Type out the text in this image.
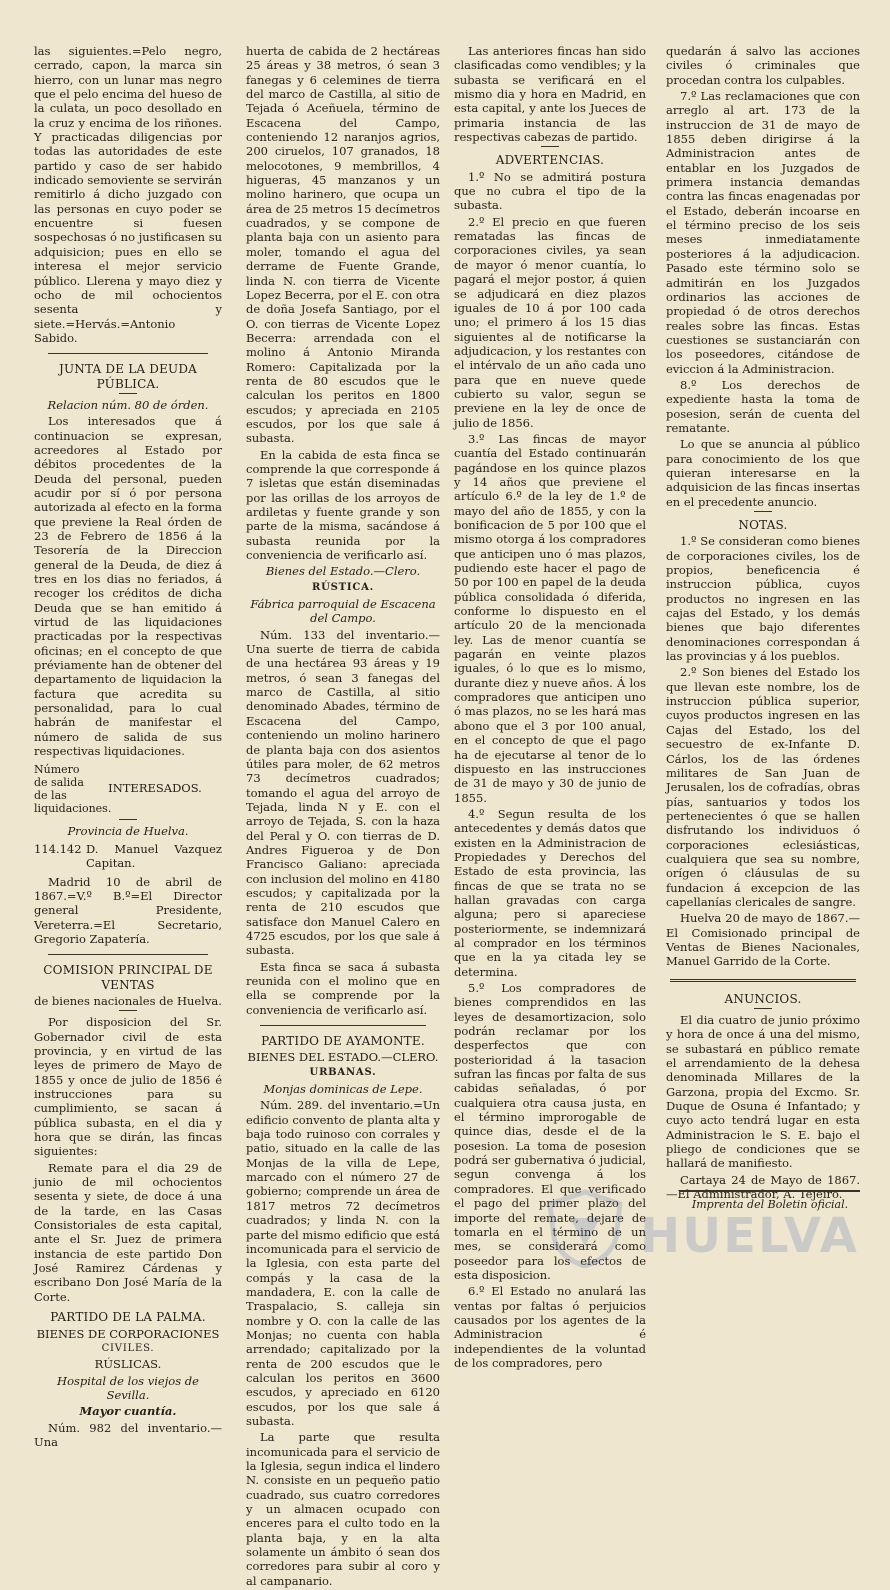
las siguientes.=Pelo negro, cerrado, capon, la marca sin hierro, con un lunar mas negro que el pelo encima del hueso de la culata, un poco desollado en la cruz y encima de los riñones. Y practicadas diligencias por todas las autoridades de este partido y caso de ser habido indicado semoviente se servirán remitirlo á dicho juzgado con las personas en cuyo poder se encuentre si fuesen sospechosas ó no justificasen su adquisicion; pues en ello se interesa el mejor servicio público. Llerena y mayo diez y ocho de mil ochocientos sesenta y siete.=Hervás.=Antonio Sabido.

JUNTA DE LA DEUDA PÚBLICA.
Relacion núm. 80 de órden.

Los interesados que á continuacion se expresan, acreedores al Estado por débitos procedentes de la Deuda del personal, pueden acudir por sí ó por persona autorizada al efecto en la forma que previene la Real órden de 23 de Febrero de 1856 á la Tesorería de la Direccion general de la Deuda, de diez á tres en los dias no feriados, á recoger los créditos de dicha Deuda que se han emitido á virtud de las liquidaciones practicadas por la respectivas oficinas; en el concepto de que préviamente han de obtener del departamento de liquidacion la factura que acredita su personalidad, para lo cual habrán de manifestar el número de salida de sus respectivas liquidaciones.

Número de salida de las liquidaciones.
INTERESADOS.
Provincia de Huelva.
114.142 D. Manuel Vazquez Capitan.

Madrid 10 de abril de 1867.=V.º B.º=El Director general Presidente, Vereterra.=El Secretario, Gregorio Zapatería.

COMISION PRINCIPAL DE VENTAS
de bienes nacionales de Huelva.

Por disposicion del Sr. Gobernador civil de esta provincia, y en virtud de las leyes de primero de Mayo de 1855 y once de julio de 1856 é instrucciones para su cumplimiento, se sacan á pública subasta, en el dia y hora que se dirán, las fincas siguientes:

Remate para el dia 29 de junio de mil ochocientos sesenta y siete, de doce á una de la tarde, en las Casas Consistoriales de esta capital, ante el Sr. Juez de primera instancia de este partido Don José Ramirez Cárdenas y escribano Don José María de la Corte.

PARTIDO DE LA PALMA.
BIENES DE CORPORACIONES
CIVILES.
RÚSLICAS.
Hospital de los viejos de Sevilla.
Mayor cuantía.

Núm. 982 del inventario.—Una

huerta de cabida de 2 hectáreas 25 áreas y 38 metros, ó sean 3 fanegas y 6 celemines de tierra del marco de Castilla, al sitio de Tejada ó Aceñuela, término de Escacena del Campo, conteniendo 12 naranjos agrios, 200 ciruelos, 107 granados, 18 melocotones, 9 membrillos, 4 higueras, 45 manzanos y un molino harinero, que ocupa un área de 25 metros 15 decímetros cuadrados, y se compone de planta baja con un asiento para moler, tomando el agua del derrame de Fuente Grande, linda N. con tierra de Vicente Lopez Becerra, por el E. con otra de doña Josefa Santiago, por el O. con tierras de Vicente Lopez Becerra: arrendada con el molino á Antonio Miranda Romero: Capitalizada por la renta de 80 escudos que le calculan los peritos en 1800 escudos; y apreciada en 2105 escudos, por los que sale á subasta.

En la cabida de esta finca se comprende la que corresponde á 7 isletas que están diseminadas por las orillas de los arroyos de ardiletas y fuente grande y son parte de la misma, sacándose á subasta reunida por la conveniencia de verificarlo así.

Bienes del Estado.—Clero.
RÚSTICA.
Fábrica parroquial de Escacena del Campo.

Núm. 133 del inventario.—Una suerte de tierra de cabida de una hectárea 93 áreas y 19 metros, ó sean 3 fanegas del marco de Castilla, al sitio denominado Abades, término de Escacena del Campo, conteniendo un molino harinero de planta baja con dos asientos útiles para moler, de 62 metros 73 decímetros cuadrados; tomando el agua del arroyo de Tejada, linda N y E. con el arroyo de Tejada, S. con la haza del Peral y O. con tierras de D. Andres Figueroa y de Don Francisco Galiano: apreciada con inclusion del molino en 4180 escudos; y capitalizada por la renta de 210 escudos que satisface don Manuel Calero en 4725 escudos, por los que sale á subasta.

Esta finca se saca á subasta reunida con el molino que en ella se comprende por la conveniencia de verificarlo así.

PARTIDO DE AYAMONTE.
BIENES DEL ESTADO.—CLERO.
URBANAS.
Monjas dominicas de Lepe.

Núm. 289. del inventario.=Un edificio convento de planta alta y baja todo ruinoso con corrales y patio, situado en la calle de las Monjas de la villa de Lepe, marcado con el número 27 de gobierno; comprende un área de 1817 metros 72 decímetros cuadrados; y linda N. con la parte del mismo edificio que está incomunicada para el servicio de la Iglesia, con esta parte del compás y la casa de la mandadera, E. con la calle de Traspalacio, S. calleja sin nombre y O. con la calle de las Monjas; no cuenta con habla arrendado; capitalizado por la renta de 200 escudos que le calculan los peritos en 3600 escudos, y apreciado en 6120 escudos, por los que sale á subasta.

La parte que resulta incomunicada para el servicio de la Iglesia, segun indica el lindero N. consiste en un pequeño patio cuadrado, sus cuatro corredores y un almacen ocupado con enceres para el culto todo en la planta baja, y en la alta solamente un ámbito ó sean dos corredores para subir al coro y al campanario.

Las anteriores fincas han sido clasificadas como vendibles; y la subasta se verificará en el mismo dia y hora en Madrid, en esta capital, y ante los Jueces de primaria instancia de las respectivas cabezas de partido.

ADVERTENCIAS.

1.º No se admitirá postura que no cubra el tipo de la subasta.

2.º El precio en que fueren rematadas las fincas de corporaciones civiles, ya sean de mayor ó menor cuantía, lo pagará el mejor postor, á quien se adjudicará en diez plazos iguales de 10 á por 100 cada uno; el primero á los 15 dias siguientes al de notificarse la adjudicacion, y los restantes con el intérvalo de un año cada uno para que en nueve quede cubierto su valor, segun se previene en la ley de once de julio de 1856.

3.º Las fincas de mayor cuantía del Estado continuarán pagándose en los quince plazos y 14 años que previene el artículo 6.º de la ley de 1.º de mayo del año de 1855, y con la bonificacion de 5 por 100 que el mismo otorga á los compradores que anticipen uno ó mas plazos, pudiendo este hacer el pago de 50 por 100 en papel de la deuda pública consolidada ó diferida, conforme lo dispuesto en el artículo 20 de la mencionada ley. Las de menor cuantía se pagarán en veinte plazos iguales, ó lo que es lo mismo, durante diez y nueve años. Á los compradores que anticipen uno ó mas plazos, no se les hará mas abono que el 3 por 100 anual, en el concepto de que el pago ha de ejecutarse al tenor de lo dispuesto en las instrucciones de 31 de mayo y 30 de junio de 1855.

4.º Segun resulta de los antecedentes y demás datos que existen en la Administracion de Propiedades y Derechos del Estado de esta provincia, las fincas de que se trata no se hallan gravadas con carga alguna; pero si apareciese posteriormente, se indemnizará al comprador en los términos que en la ya citada ley se determina.

5.º Los compradores de bienes comprendidos en las leyes de desamortizacion, solo podrán reclamar por los desperfectos que con posterioridad á la tasacion sufran las fincas por falta de sus cabidas señaladas, ó por cualquiera otra causa justa, en el término improrogable de quince dias, desde el de la posesion. La toma de posesion podrá ser gubernativa ó judicial, segun convenga á los compradores. El que verificado el pago del primer plazo del importe del remate, dejare de tomarla en el término de un mes, se considerará como poseedor para los efectos de esta disposicion.

6.º El Estado no anulará las ventas por faltas ó perjuicios causados por los agentes de la Administracion é independientes de la voluntad de los compradores, pero

quedarán á salvo las acciones civiles ó criminales que procedan contra los culpables.

7.º Las reclamaciones que con arreglo al art. 173 de la instruccion de 31 de mayo de 1855 deben dirigirse á la Administracion antes de entablar en los Juzgados de primera instancia demandas contra las fincas enagenadas por el Estado, deberán incoarse en el término preciso de los seis meses inmediatamente posteriores á la adjudicacion. Pasado este término solo se admitirán en los Juzgados ordinarios las acciones de propiedad ó de otros derechos reales sobre las fincas. Estas cuestiones se sustanciarán con los poseedores, citándose de eviccion á la Administracion.

8.º Los derechos de expediente hasta la toma de posesion, serán de cuenta del rematante.

Lo que se anuncia al público para conocimiento de los que quieran interesarse en la adquisicion de las fincas insertas en el precedente anuncio.

NOTAS.

1.º Se consideran como bienes de corporaciones civiles, los de propios, beneficencia é instruccion pública, cuyos productos no ingresen en las cajas del Estado, y los demás bienes que bajo diferentes denominaciones correspondan á las provincias y á los pueblos.

2.º Son bienes del Estado los que llevan este nombre, los de instruccion pública superior, cuyos productos ingresen en las Cajas del Estado, los del secuestro de ex-Infante D. Cárlos, los de las órdenes militares de San Juan de Jerusalen, los de cofradías, obras pías, santuarios y todos los pertenecientes ó que se hallen disfrutando los individuos ó corporaciones eclesiásticas, cualquiera que sea su nombre, orígen ó cláusulas de su fundacion á excepcion de las capellanías clericales de sangre.

Huelva 20 de mayo de 1867.—El Comisionado principal de Ventas de Bienes Nacionales, Manuel Garrido de la Corte.

ANUNCIOS.

El dia cuatro de junio próximo y hora de once á una del mismo, se subastará en público remate el arrendamiento de la dehesa denominada Millares de la Garzona, propia del Excmo. Sr. Duque de Osuna é Infantado; y cuyo acto tendrá lugar en esta Administracion le S. E. bajo el pliego de condiciones que se hallará de manifiesto.

Cartaya 24 de Mayo de 1867.—El Administrador, A. Tejeiro.

Imprenta del Boletin oficial.
HUELVA
